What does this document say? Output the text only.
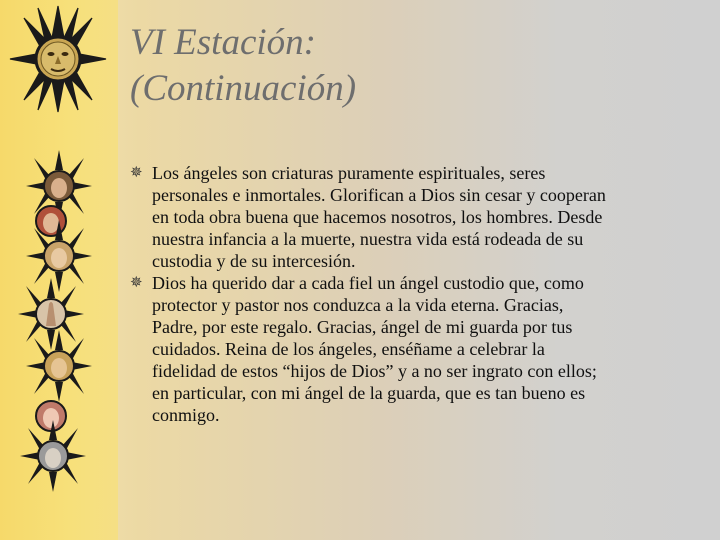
VI Estación:
(Continuación)
✵ Los ángeles son criaturas puramente espirituales, seres
personales e inmortales. Glorifican a Dios sin cesar y cooperan
en toda obra buena que hacemos nosotros, los hombres. Desde
nuestra infancia a la muerte, nuestra vida está rodeada de su
custodia y de su intercesión.
✵ Dios ha querido dar a cada fiel un ángel custodio que, como
protector y pastor nos conduzca a la vida eterna. Gracias,
Padre, por este regalo. Gracias, ángel de mi guarda por tus
cuidados. Reina de los ángeles, enséñame a celebrar la
fidelidad de estos “hijos de Dios” y a no ser ingrato con ellos;
en particular, con mi ángel de la guarda, que es tan bueno es
conmigo.
